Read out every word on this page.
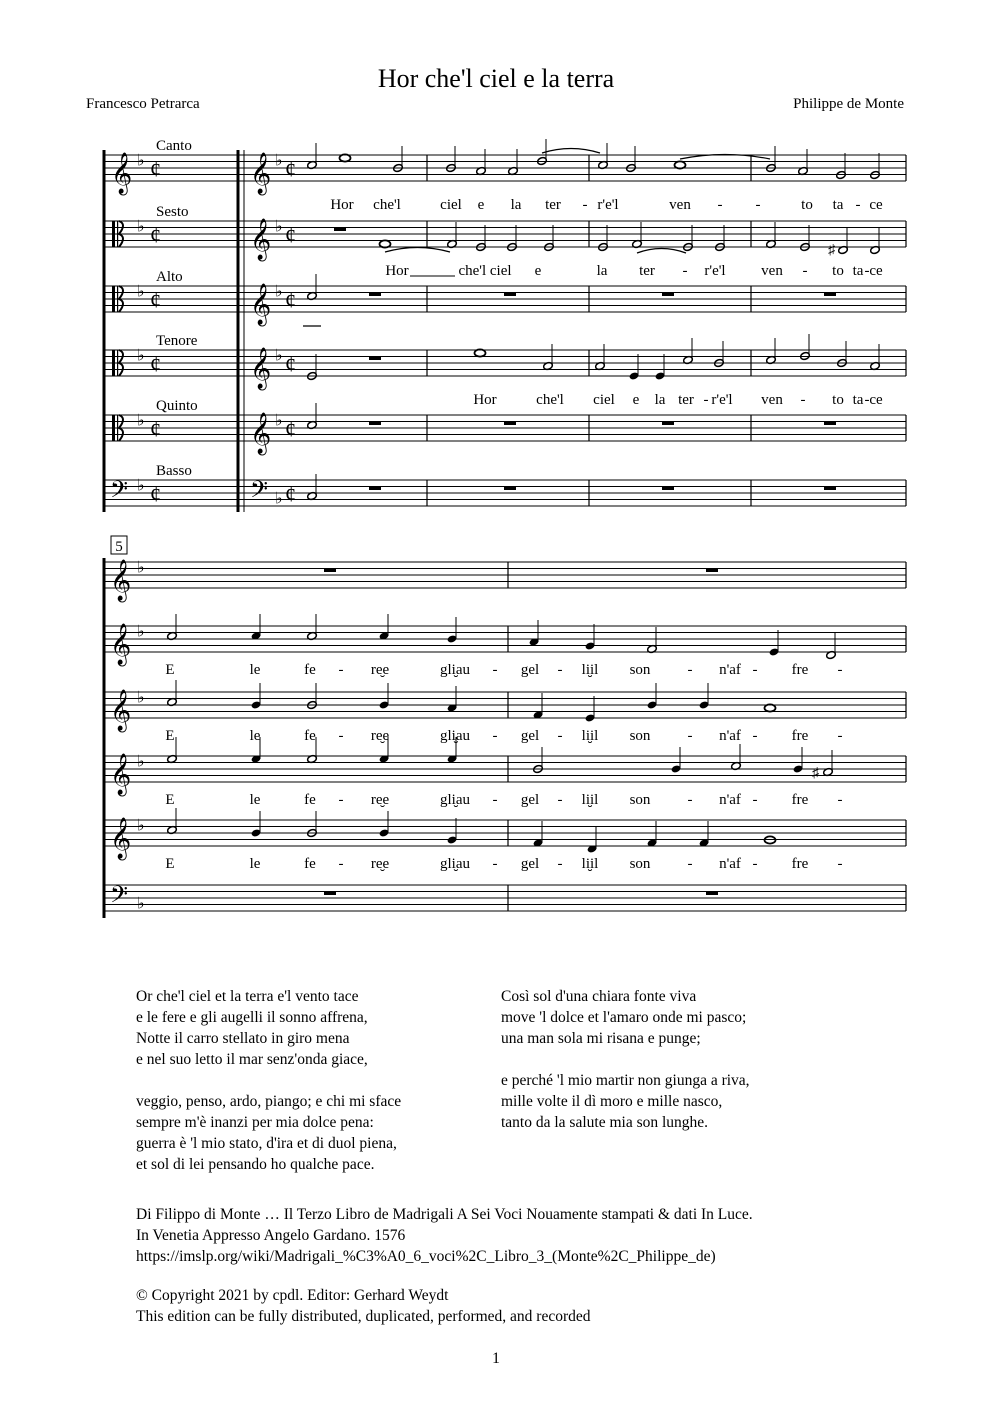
Hor che'l ciel e la terra
Francesco Petrarca	Philippe de Monte
𝄞 ♭ ¢ 𝄞 ♭ ¢
♭ ¢ 𝄞 ♭ ¢
♭ ¢ 𝄞 ♭ ¢
♭ ¢ 𝄞 ♭ ¢
♭ ¢ 𝄞 ♭ ¢
𝄢 ♭ ¢	𝄢 ♭ ¢
Canto
Sesto
Alto
Tenore
Quinto
Basso
Hor che'l	ciel e la ter - r'e'l	ven - -	to ta - ce
♯
Hor	che'l ciel e	la ter - r'e'l ven - to ta - ce
Hor	che'l ciel e la ter - r'e'l ven - to ta - ce
𝄞 ♭
𝄞 ♭
𝄞 ♭
𝄞 ♭
𝄞 ♭
𝄢 ♭
5
E	le	fe - re̮e	gli̮au - gel - li̮il son - n'af - fre -
E	le	fe - re̮e	gli̮au - gel - li̮il son - n'af - fre -
♯
E	le	fe - re̮e	gli̮au - gel - li̮il son - n'af - fre -
E	le	fe - re̮e	gli̮au - gel - li̮il son - n'af - fre -

Or che'l ciel et la terra e'l vento tace

e le fere e gli augelli il sonno affrena,

Notte il carro stellato in giro mena

e nel suo letto il mar senz'onda giace,

veggio, penso, ardo, piango; e chi mi sface

sempre m'è inanzi per mia dolce pena:

guerra è 'l mio stato, d'ira et di duol piena,

et sol di lei pensando ho qualche pace.

Così sol d'una chiara fonte viva

move 'l dolce et l'amaro onde mi pasco;

una man sola mi risana e punge;

e perché 'l mio martir non giunga a riva,

mille volte il dì moro e mille nasco,

tanto da la salute mia son lunghe.

Di Filippo di Monte … Il Terzo Libro de Madrigali A Sei Voci Nouamente stampati & dati In Luce.
In Venetia Appresso Angelo Gardano. 1576
https://imslp.org/wiki/Madrigali_%C3%A0_6_voci%2C_Libro_3_(Monte%2C_Philippe_de)
© Copyright 2021 by cpdl. Editor: Gerhard Weydt
This edition can be fully distributed, duplicated, performed, and recorded
1
